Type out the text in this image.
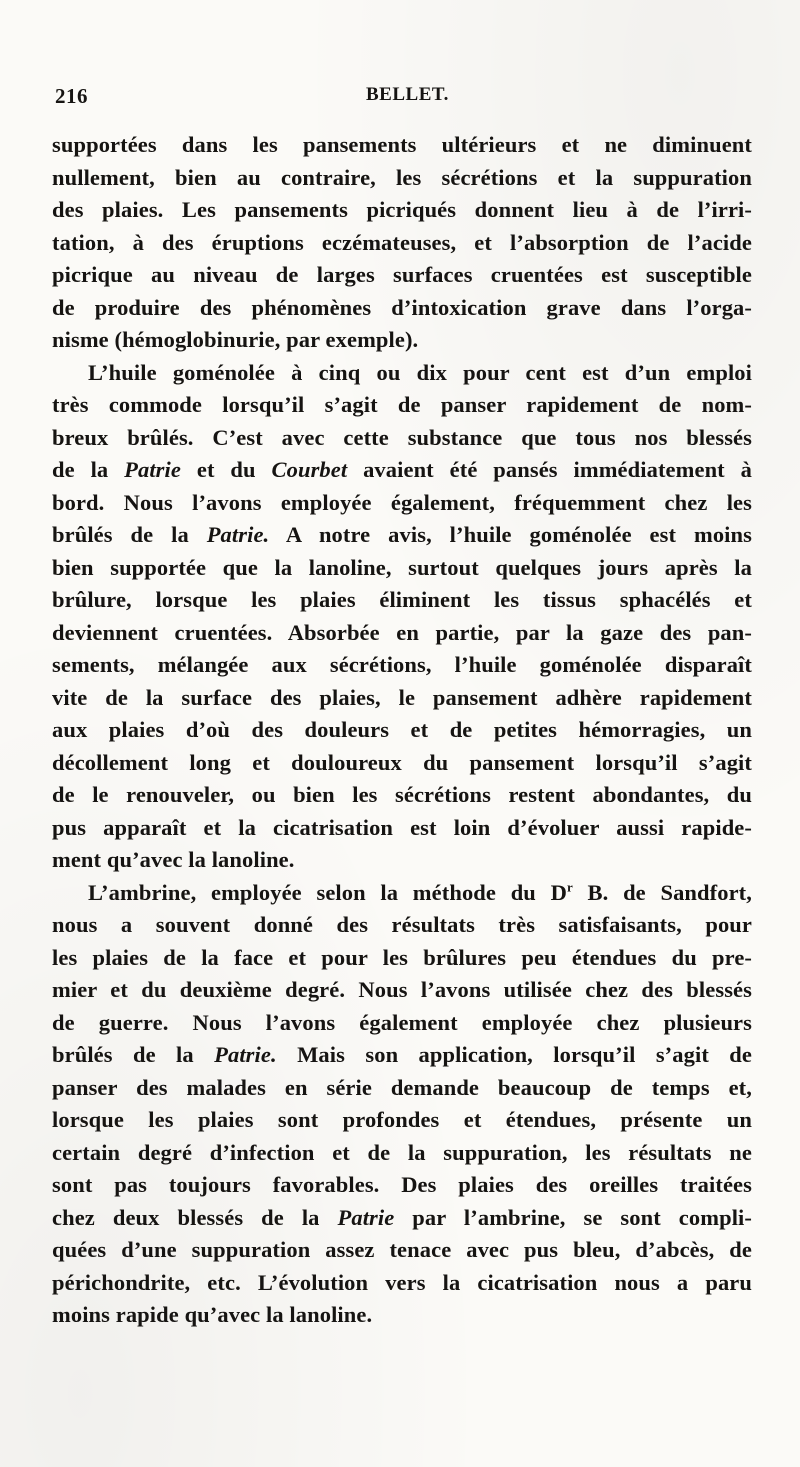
216	BELLET.
supportées dans les pansements ultérieurs et ne diminuent
nullement, bien au contraire, les sécrétions et la suppuration
des plaies. Les pansements picriqués donnent lieu à de l’irri-
tation, à des éruptions eczémateuses, et l’absorption de l’acide
picrique au niveau de larges surfaces cruentées est susceptible
de produire des phénomènes d’intoxication grave dans l’orga-
nisme (hémoglobinurie, par exemple).
L’huile goménolée à cinq ou dix pour cent est d’un emploi
très commode lorsqu’il s’agit de panser rapidement de nom-
breux brûlés. C’est avec cette substance que tous nos blessés
de la Patrie et du Courbet avaient été pansés immédiatement à
bord. Nous l’avons employée également, fréquemment chez les
brûlés de la Patrie. A notre avis, l’huile goménolée est moins
bien supportée que la lanoline, surtout quelques jours après la
brûlure, lorsque les plaies éliminent les tissus sphacélés et
deviennent cruentées. Absorbée en partie, par la gaze des pan-
sements, mélangée aux sécrétions, l’huile goménolée disparaît
vite de la surface des plaies, le pansement adhère rapidement
aux plaies d’où des douleurs et de petites hémorragies, un
décollement long et douloureux du pansement lorsqu’il s’agit
de le renouveler, ou bien les sécrétions restent abondantes, du
pus apparaît et la cicatrisation est loin d’évoluer aussi rapide-
ment qu’avec la lanoline.
L’ambrine, employée selon la méthode du $D^r$ B. de Sandfort,
nous a souvent donné des résultats très satisfaisants, pour
les plaies de la face et pour les brûlures peu étendues du pre-
mier et du deuxième degré. Nous l’avons utilisée chez des blessés
de guerre. Nous l’avons également employée chez plusieurs
brûlés de la Patrie. Mais son application, lorsqu’il s’agit de
panser des malades en série demande beaucoup de temps et,
lorsque les plaies sont profondes et étendues, présente un
certain degré d’infection et de la suppuration, les résultats ne
sont pas toujours favorables. Des plaies des oreilles traitées
chez deux blessés de la Patrie par l’ambrine, se sont compli-
quées d’une suppuration assez tenace avec pus bleu, d’abcès, de
périchondrite, etc. L’évolution vers la cicatrisation nous a paru
moins rapide qu’avec la lanoline.
